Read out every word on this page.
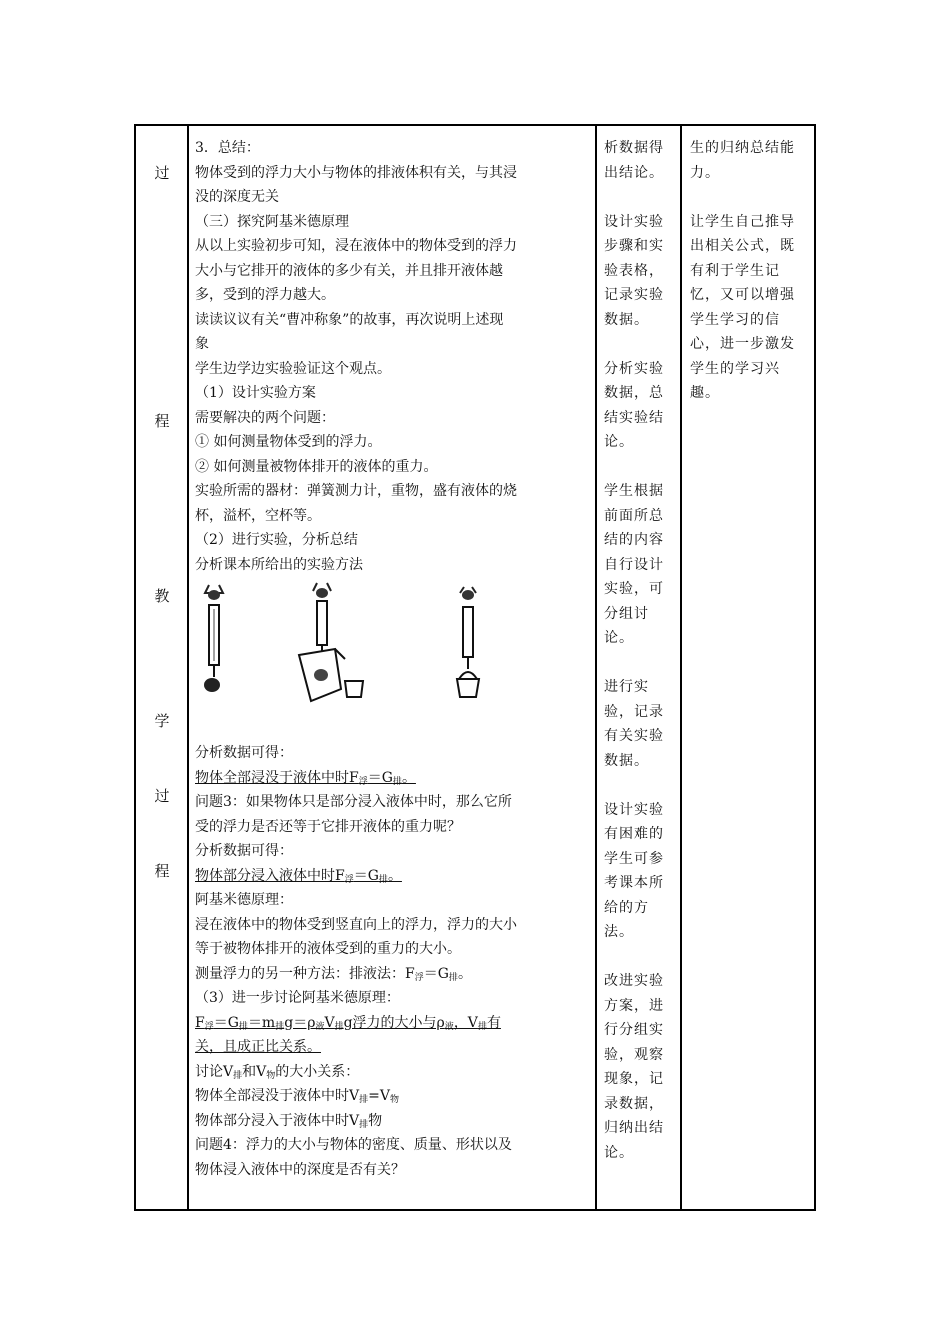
过
程
教
学
过
程
3．总结：
物体受到的浮力大小与物体的排液体积有关，与其浸
没的深度无关
（三）探究阿基米德原理
从以上实验初步可知，浸在液体中的物体受到的浮力
大小与它排开的液体的多少有关，并且排开液体越
多，受到的浮力越大。
读读议议有关“曹冲称象”的故事，再次说明上述现
象
学生边学边实验验证这个观点。
（1）设计实验方案
需要解决的两个问题：
① 如何测量物体受到的浮力。
② 如何测量被物体排开的液体的重力。
实验所需的器材：弹簧测力计，重物，盛有液体的烧
杯，溢杯，空杯等。
（2）进行实验，分析总结
分析课本所给出的实验方法
分析数据可得：
物体全部浸没于液体中时$F_浮=G_排$。
问题3：如果物体只是部分浸入液体中时，那么它所
受的浮力是否还等于它排开液体的重力呢？
分析数据可得：
物体部分浸入液体中时$F_浮=G_排$。
阿基米德原理：
浸在液体中的物体受到竖直向上的浮力，浮力的大小
等于被物体排开的液体受到的重力的大小。
测量浮力的另一种方法：排液法：$F_浮=G_排$。
（3）进一步讨论阿基米德原理：
$F_浮=G_排=m_排g=\rho_液V_排g$浮力的大小与$\rho_液$，$V_排$有
关，且成正比关系。
讨论$V_排$和$V_物$的大小关系：
物体全部浸没于液体中时$V_排=V_物$
物体部分浸入于液体中时$V_排$物
问题4：浮力的大小与物体的密度、质量、形状以及
物体浸入液体中的深度是否有关？
析数据得
出结论。
设计实验
步骤和实
验表格，
记录实验
数据。
分析实验
数据，总
结实验结
论。
学生根据
前面所总
结的内容
自行设计
实验，可
分组讨
论。
进行实
验，记录
有关实验
数据。
设计实验
有困难的
学生可参
考课本所
给的方
法。
改进实验
方案，进
行分组实
验，观察
现象，记
录数据，
归纳出结
论。
生的归纳总结能
力。
让学生自己推导
出相关公式，既
有利于学生记
忆，又可以增强
学生学习的信
心，进一步激发
学生的学习兴
趣。
